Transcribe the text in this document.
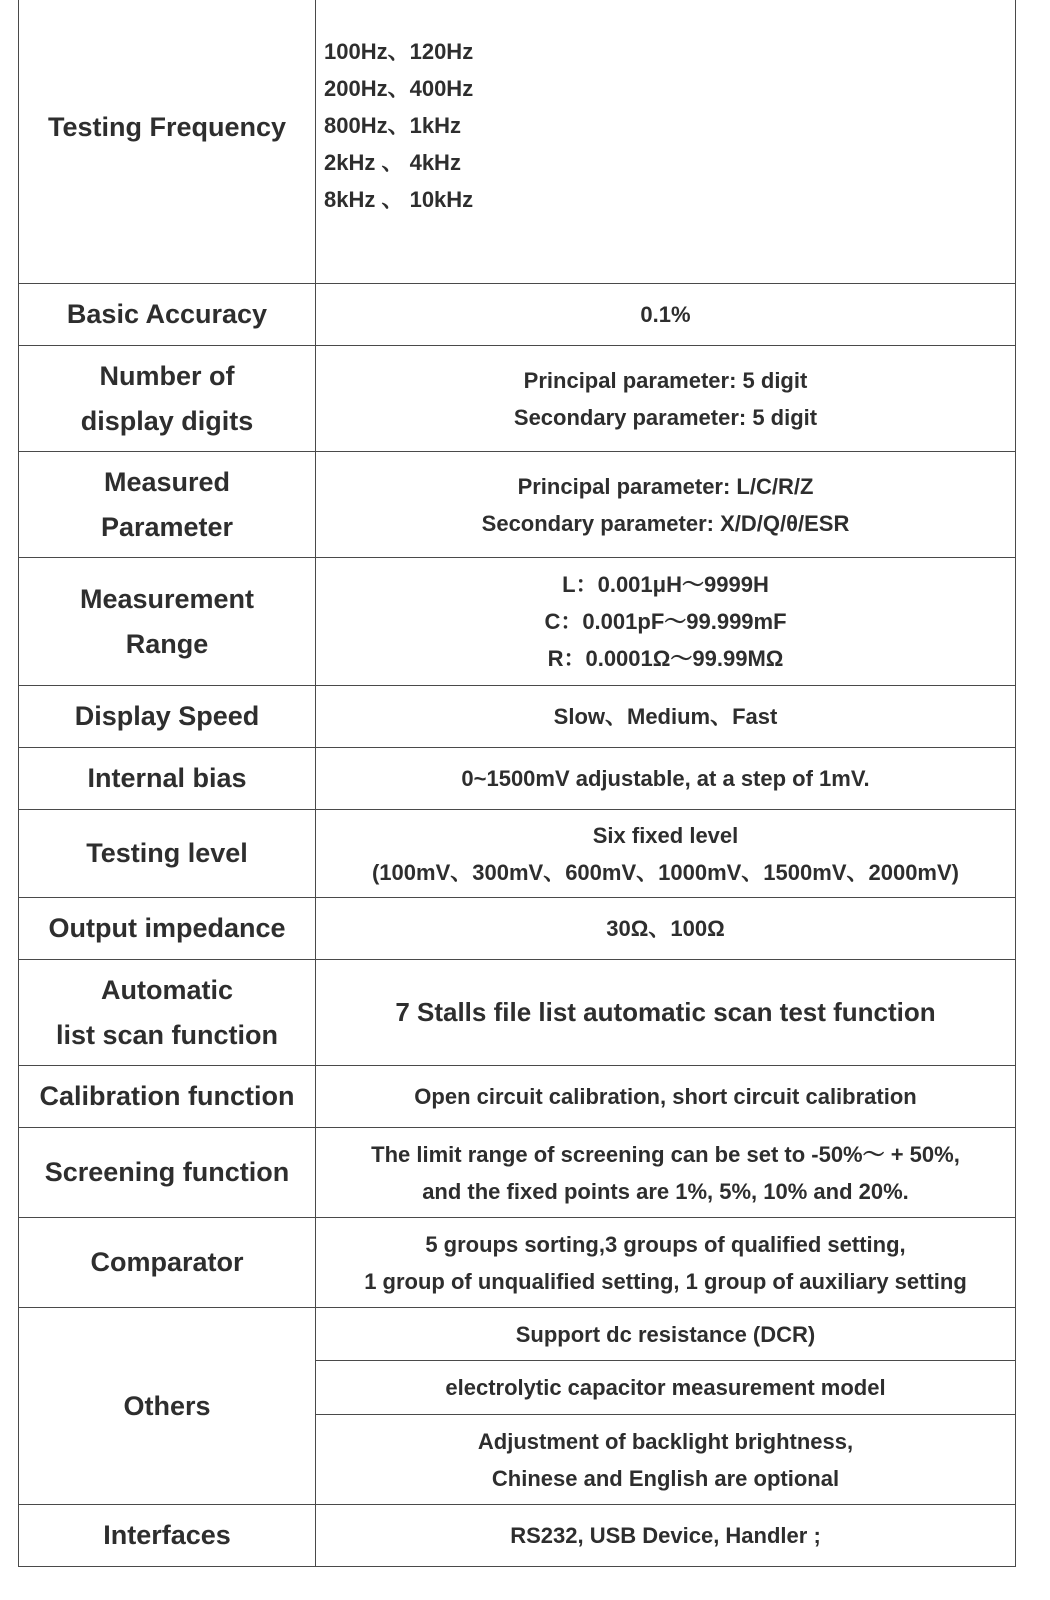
Testing Frequency	100Hz、120Hz
200Hz、400Hz
800Hz、1kHz
2kHz 、 4kHz
8kHz 、 10kHz

Basic Accuracy	0.1%

Number of
display digits	Principal parameter: 5 digit
Secondary parameter: 5 digit

Measured
Parameter	Principal parameter: L/C/R/Z
Secondary parameter: X/D/Q/θ/ESR

Measurement
Range	L：0.001μH～9999H
C：0.001pF～99.999mF
R：0.0001Ω～99.99MΩ

Display Speed	Slow、Medium、Fast
Internal bias	0~1500mV adjustable, at a step of 1mV.
Testing level	Six fixed level
(100mV、300mV、600mV、1000mV、1500mV、2000mV)

Output impedance	30Ω、100Ω

Automatic
list scan function	7 Stalls file list automatic scan test function
Calibration function	Open circuit calibration, short circuit calibration
Screening function	The limit range of screening can be set to -50%～ + 50%,
and the fixed points are 1%, 5%, 10% and 20%.

Comparator	5 groups sorting,3 groups of qualified setting,
1 group of unqualified setting, 1 group of auxiliary setting

Others	Support dc resistance (DCR)
	electrolytic capacitor measurement model

	Adjustment of backlight brightness,
Chinese and English are optional

Interfaces	RS232, USB Device, Handler ;
